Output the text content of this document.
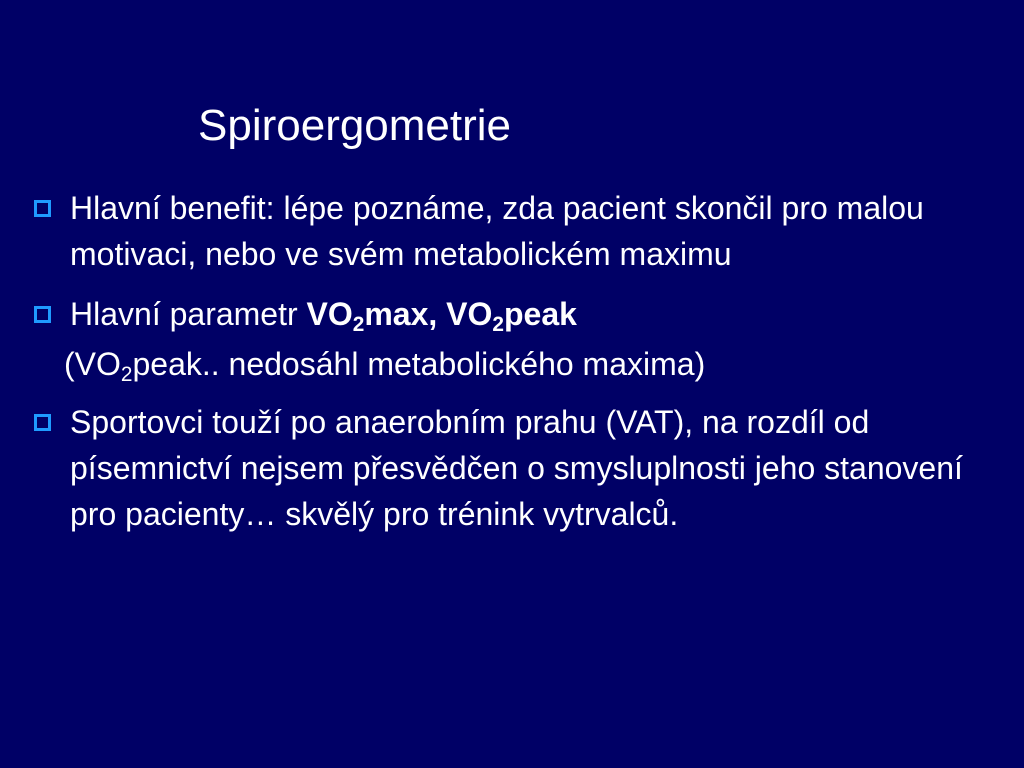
Spiroergometrie
Hlavní benefit: lépe poznáme, zda pacient skončil pro malou motivaci, nebo ve svém metabolickém maximu
Hlavní parametr $VO_2\max$, $VO_2peak$
($VO_2peak$.. nedosáhl metabolického maxima)
Sportovci touží po anaerobním prahu (VAT), na rozdíl od písemnictví nejsem přesvědčen o smysluplnosti jeho stanovení pro pacienty… skvělý pro trénink vytrvalců.
